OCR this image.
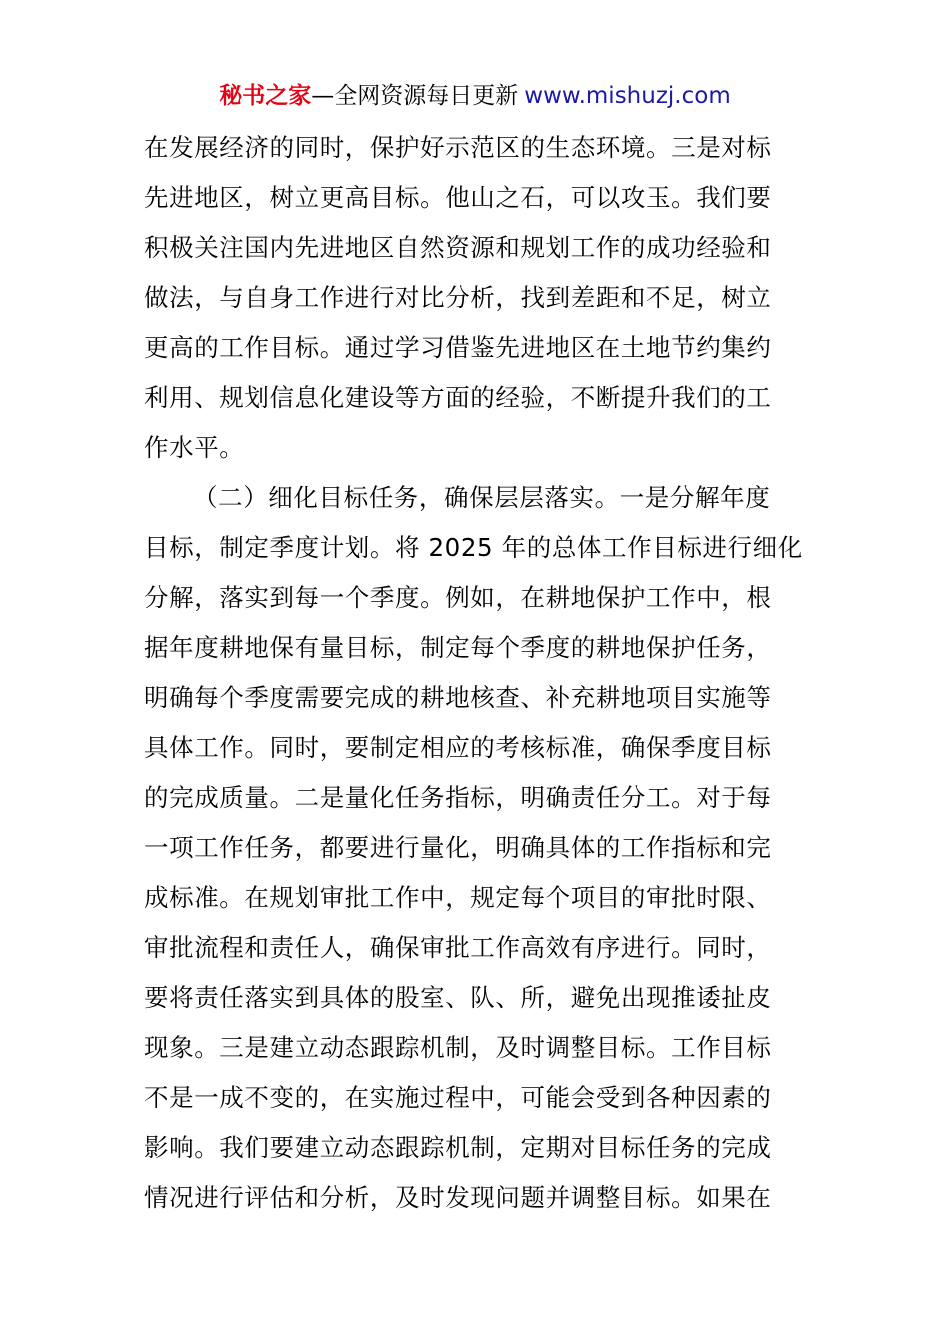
秘书之家—全网资源每日更新 www.mishuzj.com
在发展经济的同时，保护好示范区的生态环境。三是对标
先进地区，树立更高目标。他山之石，可以攻玉。我们要
积极关注国内先进地区自然资源和规划工作的成功经验和
做法，与自身工作进行对比分析，找到差距和不足，树立
更高的工作目标。通过学习借鉴先进地区在土地节约集约
利用、规划信息化建设等方面的经验，不断提升我们的工
作水平。
（二）细化目标任务，确保层层落实。一是分解年度
目标，制定季度计划。将 2025 年的总体工作目标进行细化
分解，落实到每一个季度。例如，在耕地保护工作中，根
据年度耕地保有量目标，制定每个季度的耕地保护任务，
明确每个季度需要完成的耕地核查、补充耕地项目实施等
具体工作。同时，要制定相应的考核标准，确保季度目标
的完成质量。二是量化任务指标，明确责任分工。对于每
一项工作任务，都要进行量化，明确具体的工作指标和完
成标准。在规划审批工作中，规定每个项目的审批时限、
审批流程和责任人，确保审批工作高效有序进行。同时，
要将责任落实到具体的股室、队、所，避免出现推诿扯皮
现象。三是建立动态跟踪机制，及时调整目标。工作目标
不是一成不变的，在实施过程中，可能会受到各种因素的
影响。我们要建立动态跟踪机制，定期对目标任务的完成
情况进行评估和分析，及时发现问题并调整目标。如果在
